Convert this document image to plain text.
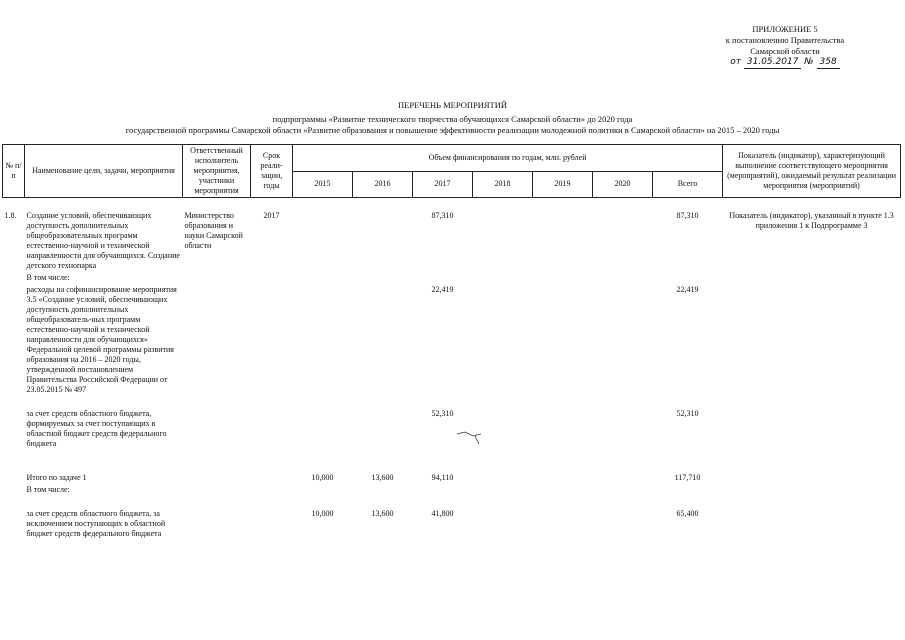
ПРИЛОЖЕНИЕ 5
к постановлению Правительства
Самарской области
от 31.05.2017 № 358
ПЕРЕЧЕНЬ МЕРОПРИЯТИЙ
подпрограммы «Развитие технического творчества обучающихся Самарской области» до 2020 года
государственной программы Самарской области «Развитие образования и повышение эффективности реализации молодежной политики в Самарской области» на 2015 – 2020 годы
№ п/п	Наименование цели, задачи, мероприятия	Ответственный исполнитель мероприятия, участники мероприятия	Срок реали-зации, годы	Объем финансирования по годам, млн. рублей							Показатель (индикатор), характеризующий выполнение соответствующего мероприятия (мероприятий), ожидаемый результат реализации мероприятия (мероприятий)
				2015	2016	2017	2018	2019	2020	Всего	

1.8.	Создание условий, обеспечивающих доступность дополнительных общеобразовательных программ естественно-научной и технической направленности для обучающихся. Создание детского технопарка	Министерство образования и науки Самарской области	2017			87,310				87,310	Показатель (индикатор), указанный в пункте 1.3 приложения 1 к Подпрограмме 3
	В том числе:										
	расходы на софинансирование мероприятия 3.5 «Создание условий, обеспечивающих доступность дополнительных общеобразователь-ных программ естественно-научной и технической направленности для обучающихся» Федеральной целевой программы развития образования на 2016 – 2020 годы, утвержденной постановлением Правительства Российской Федерации от 23.05.2015 № 497					22,419				22,419	

	за счет средств областного бюджета, формируемых за счет поступающих в областной бюджет средств федерального бюджета					52,310				52,310	

	Итого по задаче 1			10,000	13,600	94,110				117,710	
	В том числе:										

	за счет средств областного бюджета, за исключением поступающих в областной бюджет средств федерального бюджета			10,000	13,600	41,800				65,400	
